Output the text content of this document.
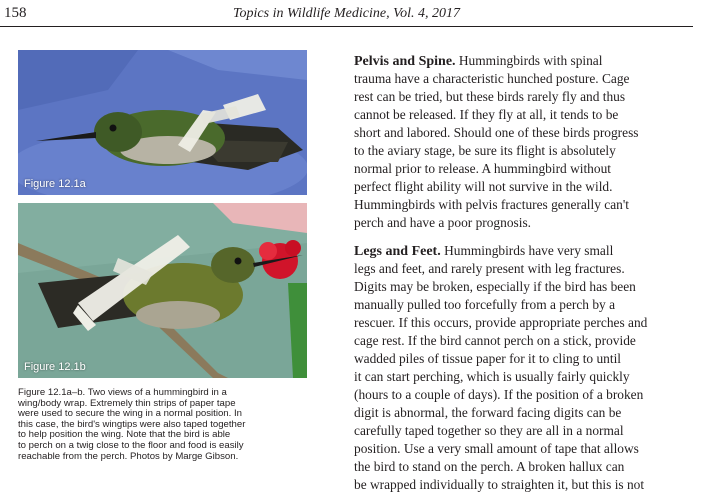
158	Topics in Wildlife Medicine, Vol. 4, 2017
Figure 12.1a
Figure 12.1b
Figure 12.1a–b. Two views of a hummingbird in a
wing/body wrap. Extremely thin strips of paper tape
were used to secure the wing in a normal position. In
this case, the bird's wingtips were also taped together
to help position the wing. Note that the bird is able
to perch on a twig close to the floor and food is easily
reachable from the perch. Photos by Marge Gibson.
Pelvis and Spine. Hummingbirds with spinal
trauma have a characteristic hunched posture. Cage
rest can be tried, but these birds rarely fly and thus
cannot be released. If they fly at all, it tends to be
short and labored. Should one of these birds progress
to the aviary stage, be sure its flight is absolutely
normal prior to release. A hummingbird without
perfect flight ability will not survive in the wild.
Hummingbirds with pelvis fractures generally can't
perch and have a poor prognosis.
Legs and Feet. Hummingbirds have very small
legs and feet, and rarely present with leg fractures.
Digits may be broken, especially if the bird has been
manually pulled too forcefully from a perch by a
rescuer. If this occurs, provide appropriate perches and
cage rest. If the bird cannot perch on a stick, provide
wadded piles of tissue paper for it to cling to until
it can start perching, which is usually fairly quickly
(hours to a couple of days). If the position of a broken
digit is abnormal, the forward facing digits can be
carefully taped together so they are all in a normal
position. Use a very small amount of tape that allows
the bird to stand on the perch. A broken hallux can
be wrapped individually to straighten it, but this is not
